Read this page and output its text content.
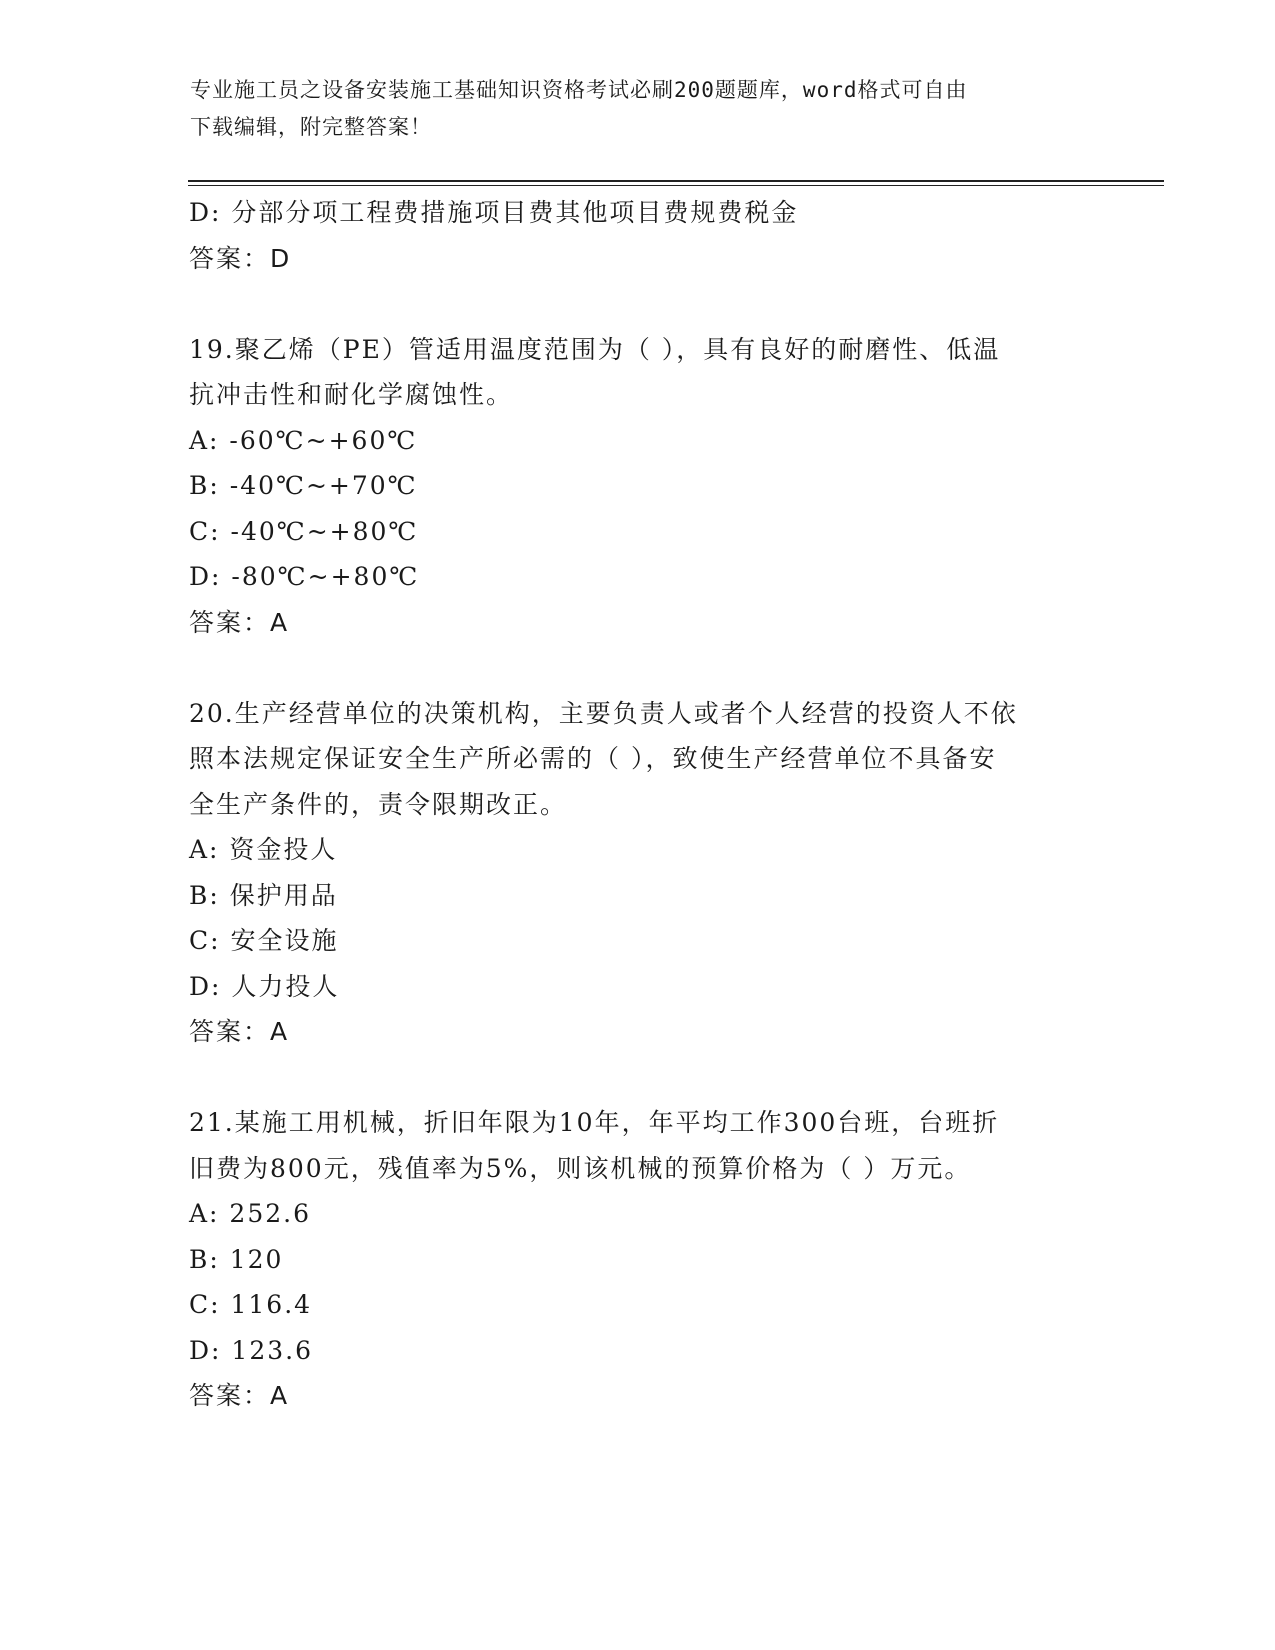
专业施工员之设备安装施工基础知识资格考试必刷200题题库，word格式可自由
下载编辑，附完整答案！
D: 分部分项工程费措施项目费其他项目费规费税金
答案：D
19.聚乙烯（PE）管适用温度范围为（ ），具有良好的耐磨性、低温
抗冲击性和耐化学腐蚀性。
A: -60℃~+60℃
B: -40℃~+70℃
C: -40℃~+80℃
D: -80℃~+80℃
答案：A
20.生产经营单位的决策机构，主要负责人或者个人经营的投资人不依
照本法规定保证安全生产所必需的（ ），致使生产经营单位不具备安
全生产条件的，责令限期改正。
A: 资金投人
B: 保护用品
C: 安全设施
D: 人力投人
答案：A
21.某施工用机械，折旧年限为10年，年平均工作300台班，台班折
旧费为800元，残值率为5%，则该机械的预算价格为（ ）万元。
A: 252.6
B: 120
C: 116.4
D: 123.6
答案：A
